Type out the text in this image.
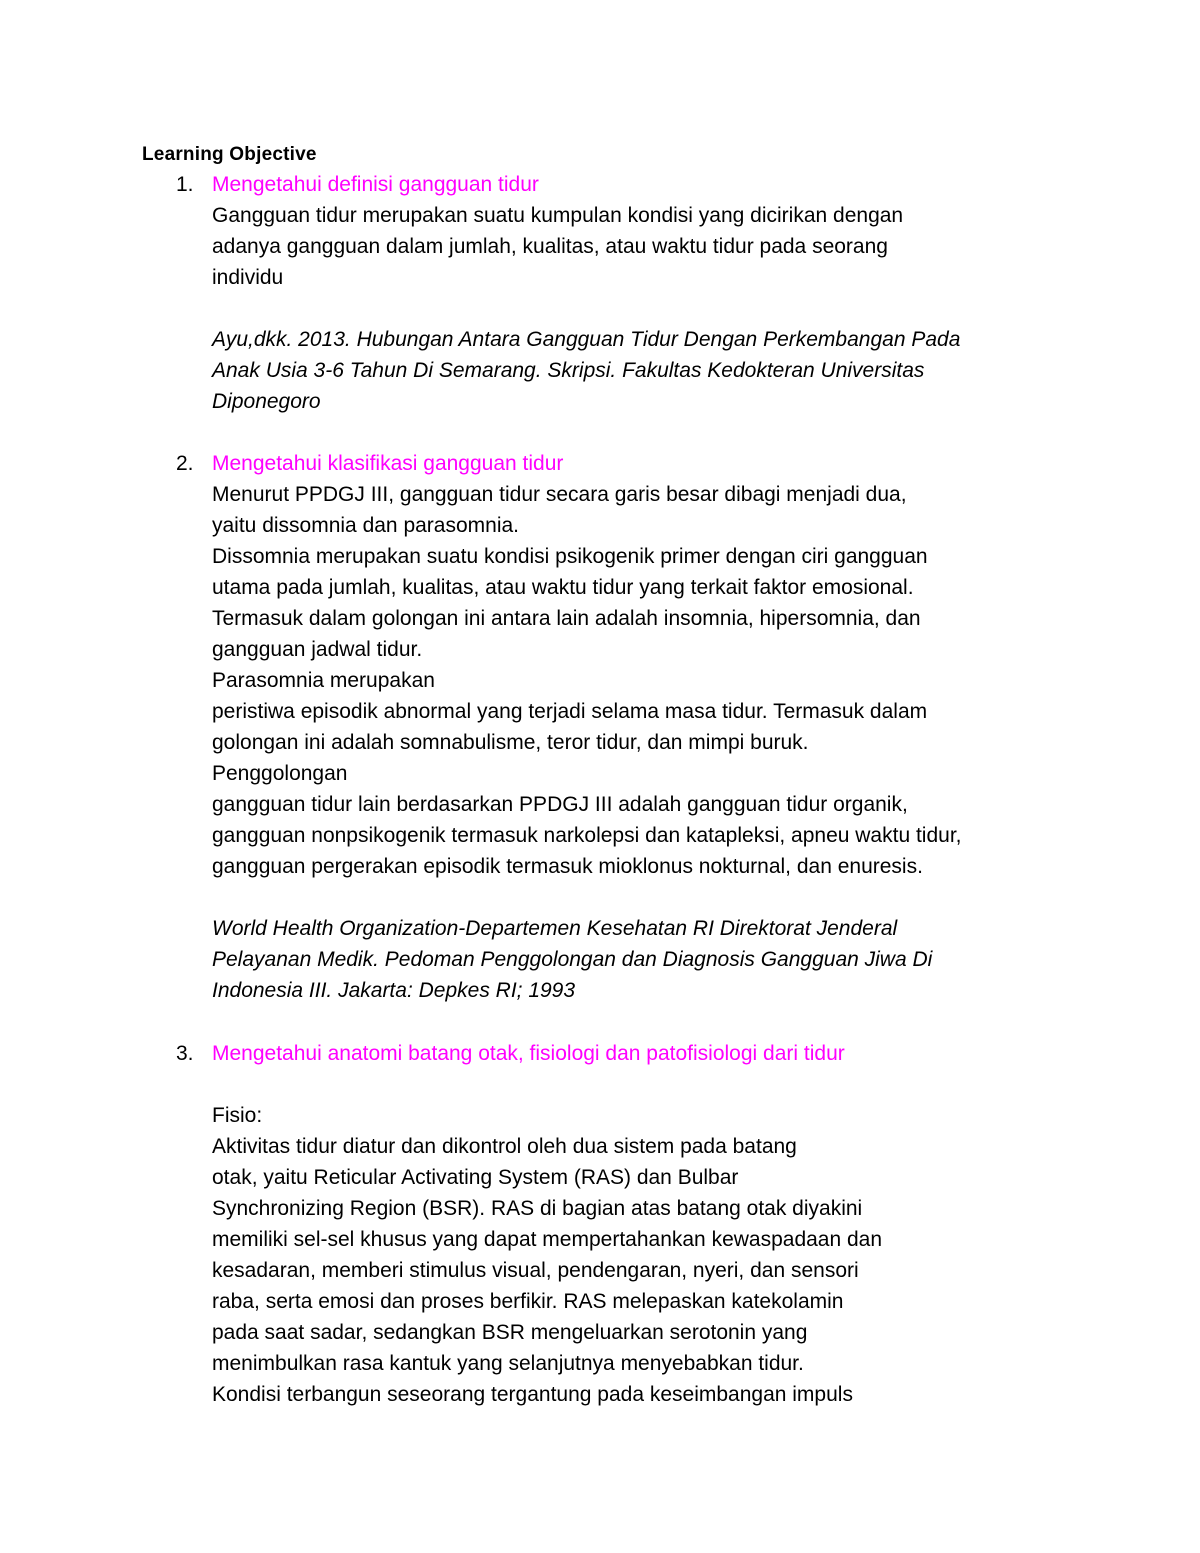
Learning Objective
1. Mengetahui definisi gangguan tidur
Gangguan tidur merupakan suatu kumpulan kondisi yang dicirikan dengan
adanya gangguan dalam jumlah, kualitas, atau waktu tidur pada seorang
individu
Ayu,dkk. 2013. Hubungan Antara Gangguan Tidur Dengan Perkembangan Pada
Anak Usia 3-6 Tahun Di Semarang. Skripsi. Fakultas Kedokteran Universitas
Diponegoro
2. Mengetahui klasifikasi gangguan tidur
Menurut PPDGJ III, gangguan tidur secara garis besar dibagi menjadi dua,
yaitu dissomnia dan parasomnia.
Dissomnia merupakan suatu kondisi psikogenik primer dengan ciri gangguan
utama pada jumlah, kualitas, atau waktu tidur yang terkait faktor emosional.
Termasuk dalam golongan ini antara lain adalah insomnia, hipersomnia, dan
gangguan jadwal tidur.
Parasomnia merupakan
peristiwa episodik abnormal yang terjadi selama masa tidur. Termasuk dalam
golongan ini adalah somnabulisme, teror tidur, dan mimpi buruk.
Penggolongan
gangguan tidur lain berdasarkan PPDGJ III adalah gangguan tidur organik,
gangguan nonpsikogenik termasuk narkolepsi dan katapleksi, apneu waktu tidur,
gangguan pergerakan episodik termasuk mioklonus nokturnal, dan enuresis.
World Health Organization-Departemen Kesehatan RI Direktorat Jenderal
Pelayanan Medik. Pedoman Penggolongan dan Diagnosis Gangguan Jiwa Di
Indonesia III. Jakarta: Depkes RI; 1993
3. Mengetahui anatomi batang otak, fisiologi dan patofisiologi dari tidur
Fisio:
Aktivitas tidur diatur dan dikontrol oleh dua sistem pada batang
otak, yaitu Reticular Activating System (RAS) dan Bulbar
Synchronizing Region (BSR). RAS di bagian atas batang otak diyakini
memiliki sel-sel khusus yang dapat mempertahankan kewaspadaan dan
kesadaran, memberi stimulus visual, pendengaran, nyeri, dan sensori
raba, serta emosi dan proses berfikir. RAS melepaskan katekolamin
pada saat sadar, sedangkan BSR mengeluarkan serotonin yang
menimbulkan rasa kantuk yang selanjutnya menyebabkan tidur.
Kondisi terbangun seseorang tergantung pada keseimbangan impuls
